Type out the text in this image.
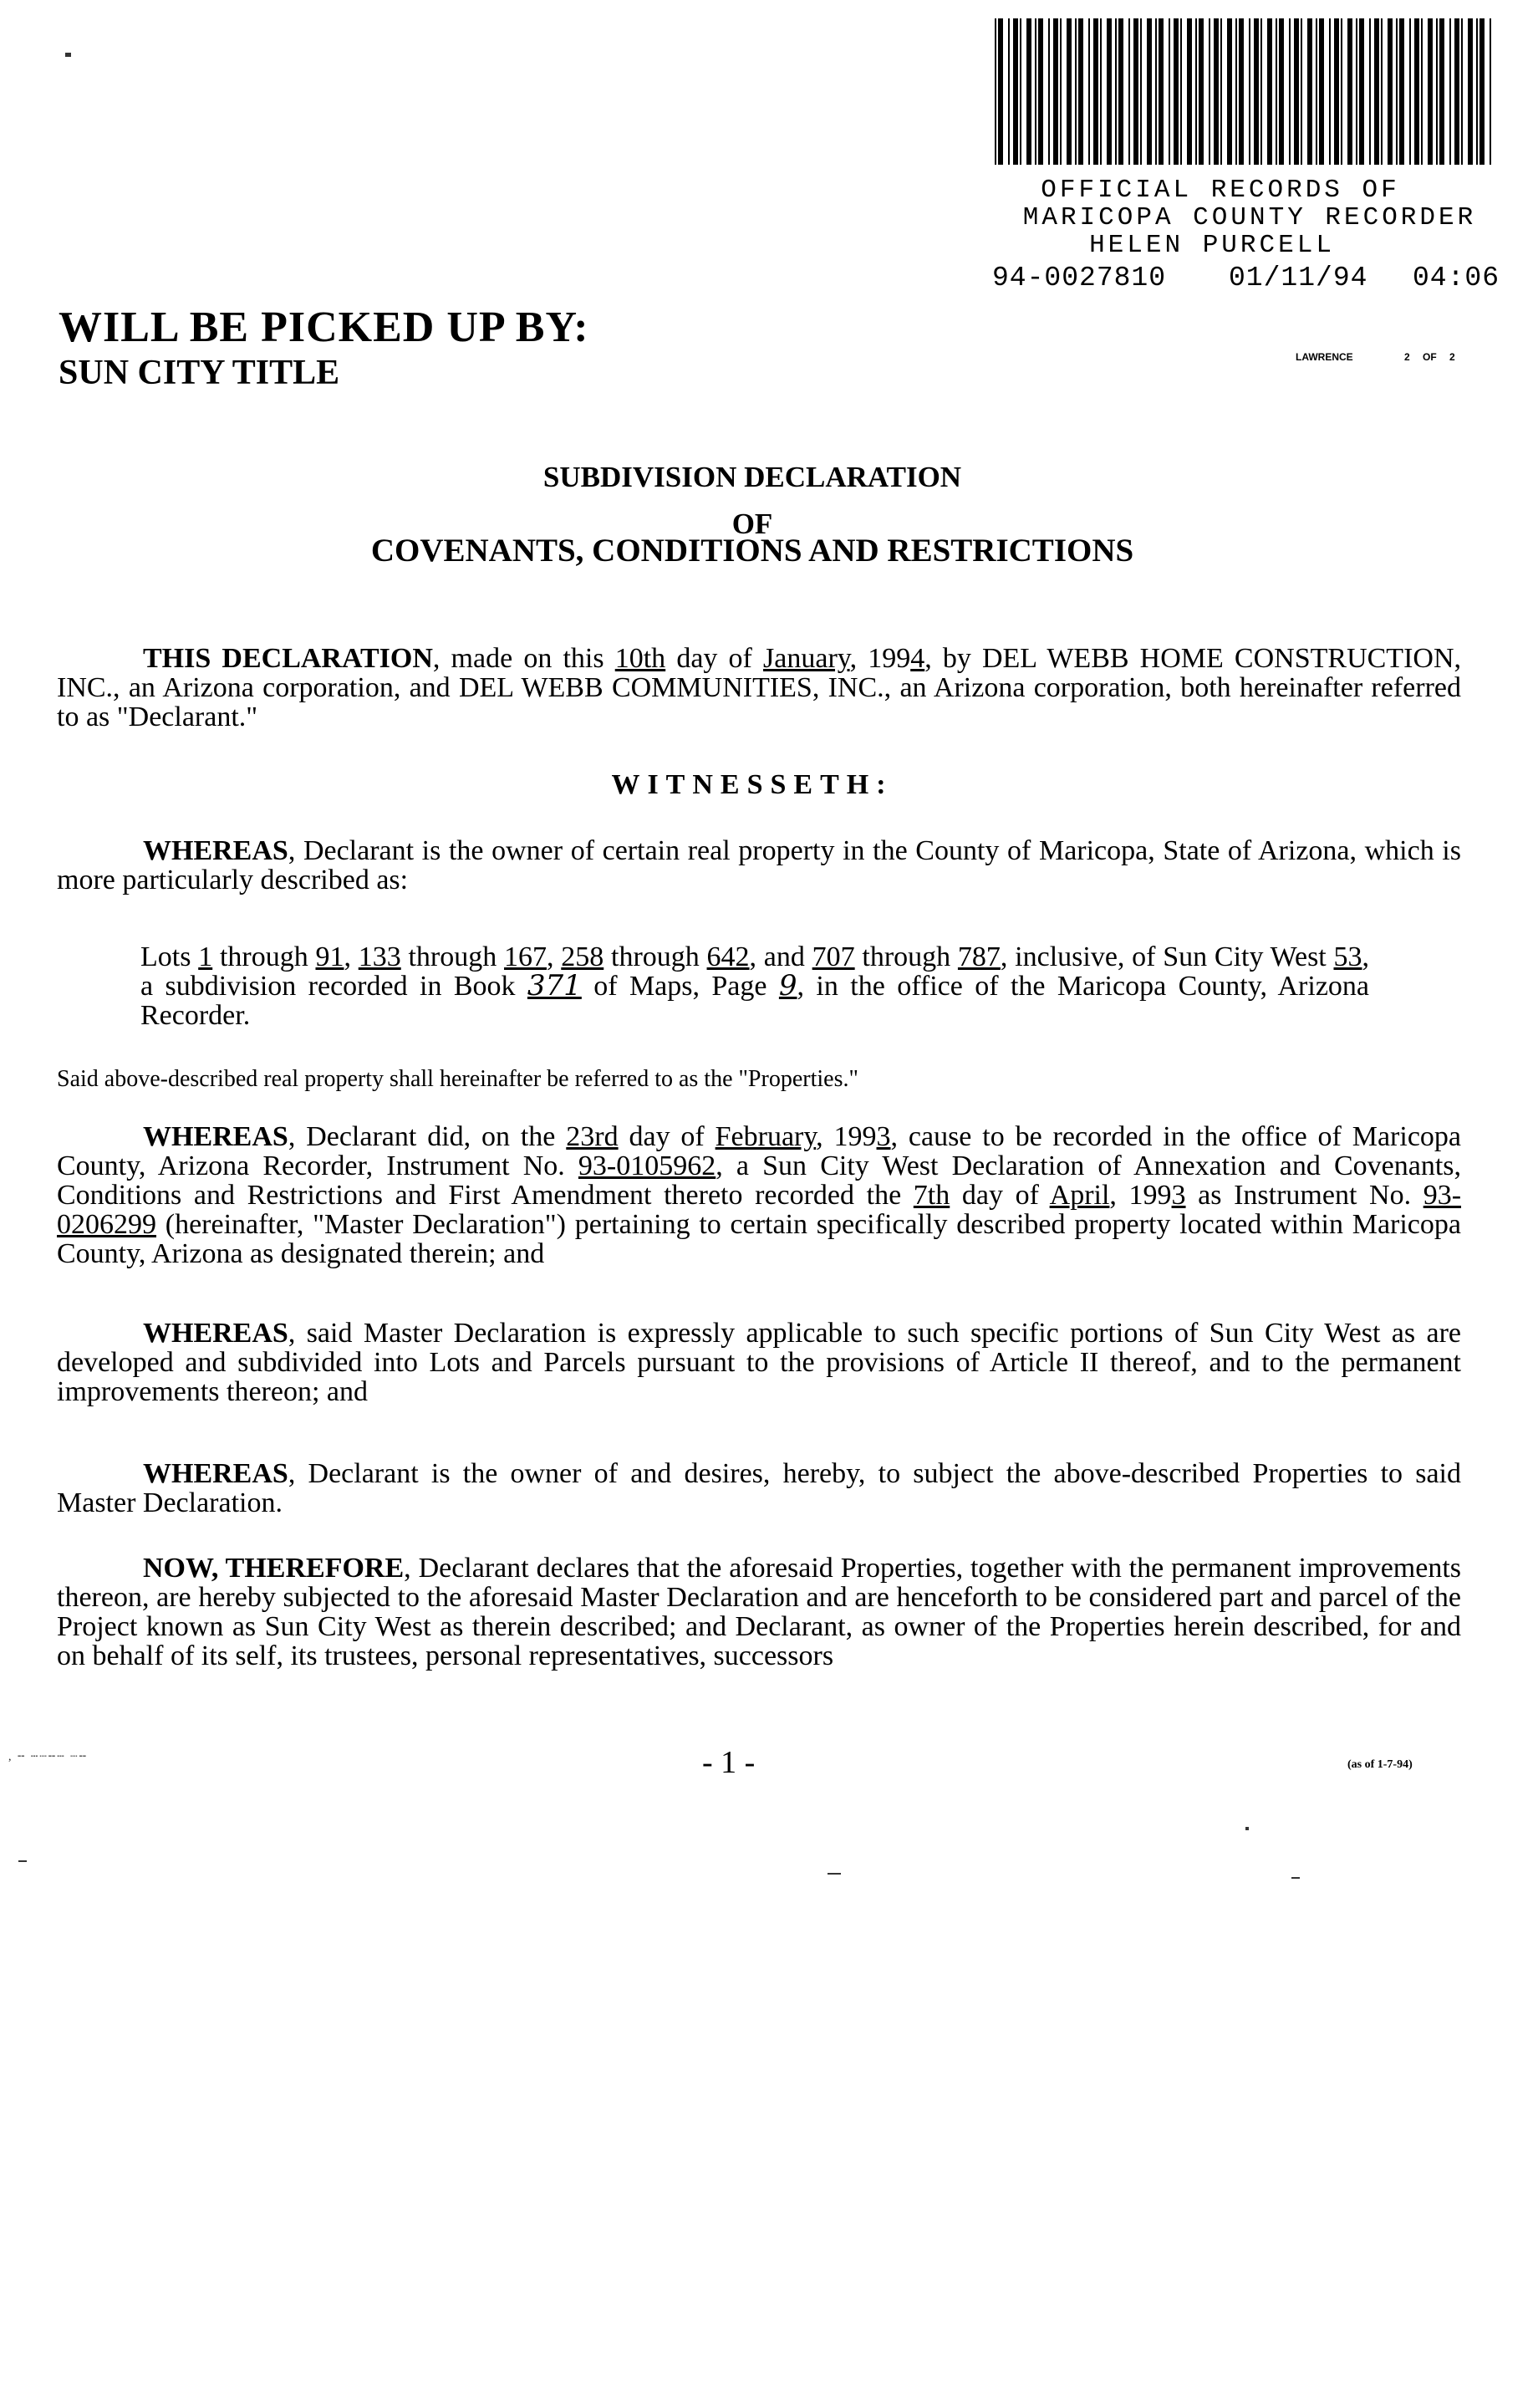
OFFICIAL RECORDS OF
MARICOPA COUNTY RECORDER
HELEN PURCELL
94-0027810 01/11/94 04:06
LAWRENCE	2 OF 2
WILL BE PICKED UP BY:
SUN CITY TITLE
SUBDIVISION DECLARATION
OF
COVENANTS, CONDITIONS AND RESTRICTIONS
THIS DECLARATION, made on this 10th day of January, 1994, by DEL WEBB HOME CONSTRUCTION, INC., an Arizona corporation, and DEL WEBB COMMUNITIES, INC., an Arizona corporation, both hereinafter referred to as "Declarant."
WITNESSETH:
WHEREAS, Declarant is the owner of certain real property in the County of Maricopa, State of Arizona, which is more particularly described as:
Lots 1 through 91, 133 through 167, 258 through 642, and 707 through 787, inclusive, of Sun City West 53, a subdivision recorded in Book 371 of Maps, Page 9, in the office of the Maricopa County, Arizona Recorder.
Said above-described real property shall hereinafter be referred to as the "Properties."
WHEREAS, Declarant did, on the 23rd day of February, 1993, cause to be recorded in the office of Maricopa County, Arizona Recorder, Instrument No. 93-0105962, a Sun City West Declaration of Annexation and Covenants, Conditions and Restrictions and First Amendment thereto recorded the 7th day of April, 1993 as Instrument No. 93-0206299 (hereinafter, "Master Declaration") pertaining to certain specifically described property located within Maricopa County, Arizona as designated therein; and
WHEREAS, said Master Declaration is expressly applicable to such specific portions of Sun City West as are developed and subdivided into Lots and Parcels pursuant to the provisions of Article II thereof, and to the permanent improvements thereon; and
WHEREAS, Declarant is the owner of and desires, hereby, to subject the above-described Properties to said Master Declaration.
NOW, THEREFORE, Declarant declares that the aforesaid Properties, together with the permanent improvements thereon, are hereby subjected to the aforesaid Master Declaration and are henceforth to be considered part and parcel of the Project known as Sun City West as therein described; and Declarant, as owner of the Properties herein described, for and on behalf of its self, its trustees, personal representatives, successors
, ╌ ┄┈╌┄ ┈╌	- 1 -	(as of 1-7-94)
